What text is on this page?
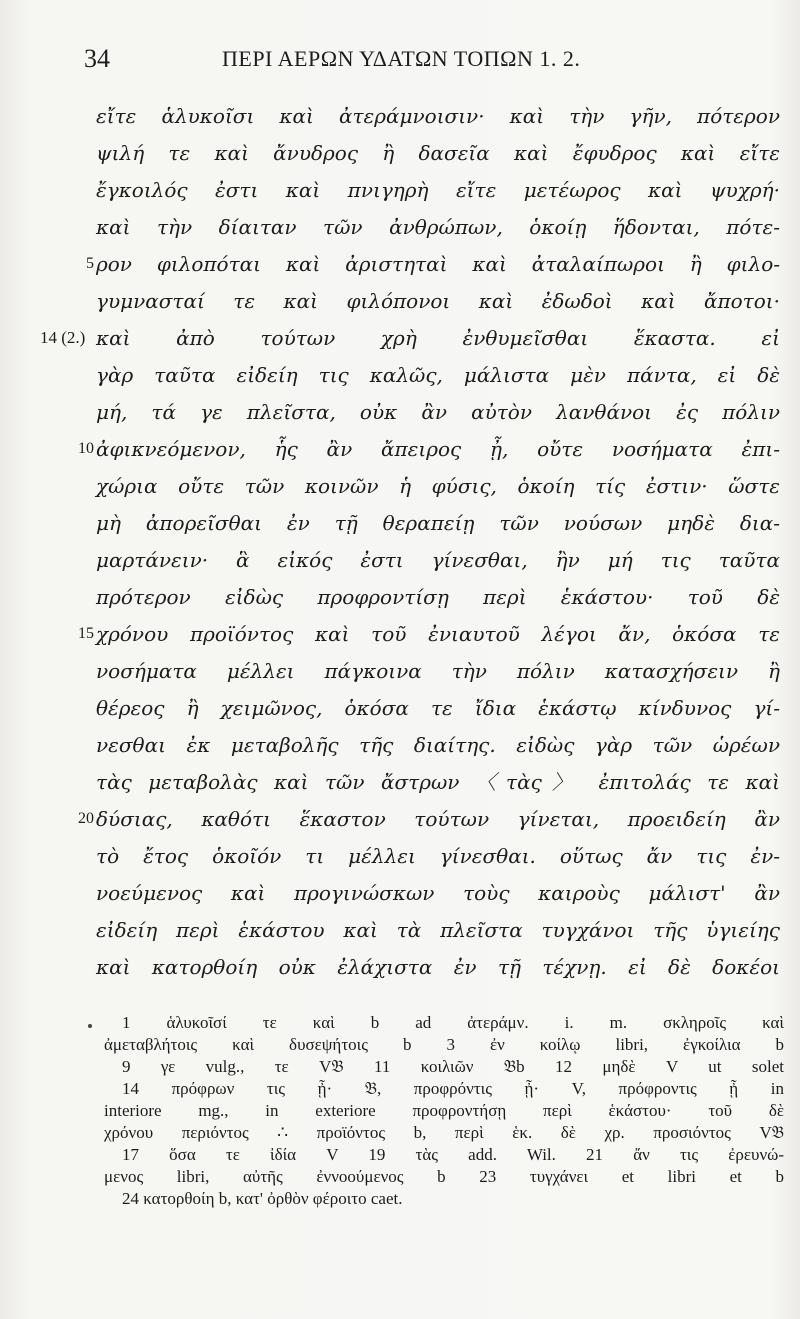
34	ΠΕΡΙ ΑΕΡΩΝ ΥΔΑΤΩΝ ΤΟΠΩΝ 1. 2.
εἴτε ἁλυκοῖσι καὶ ἀτεράμνοισιν· καὶ τὴν γῆν, πότερον
ψιλή τε καὶ ἄνυδρος ἢ δασεῖα καὶ ἔφυδρος καὶ εἴτε
ἔγκοιλός ἐστι καὶ πνιγηρὴ εἴτε μετέωρος καὶ ψυχρή·
καὶ τὴν δίαιταν τῶν ἀνθρώπων, ὁκοίῃ ἥδονται, πότε-
5 ρον φιλοπόται καὶ ἀριστηταὶ καὶ ἀταλαίπωροι ἢ φιλο-
γυμνασταί τε καὶ φιλόπονοι καὶ ἐδωδοὶ καὶ ἄποτοι·
14 (2.) καὶ ἀπὸ τούτων χρὴ ἐνθυμεῖσθαι ἕκαστα. εἰ
γὰρ ταῦτα εἰδείη τις καλῶς, μάλιστα μὲν πάντα, εἰ δὲ
μή, τά γε πλεῖστα, οὐκ ἂν αὐτὸν λανθάνοι ἐς πόλιν
10 ἀφικνεόμενον, ἧς ἂν ἄπειρος ᾖ, οὔτε νοσήματα ἐπι-
χώρια οὔτε τῶν κοινῶν ἡ φύσις, ὁκοίη τίς ἐστιν· ὥστε
μὴ ἀπορεῖσθαι ἐν τῇ θεραπείῃ τῶν νούσων μηδὲ δια-
μαρτάνειν· ἃ εἰκός ἐστι γίνεσθαι, ἢν μή τις ταῦτα
πρότερον εἰδὼς προφροντίσῃ περὶ ἑκάστου· τοῦ δὲ
15 χρόνου προϊόντος καὶ τοῦ ἐνιαυτοῦ λέγοι ἄν, ὁκόσα τε
νοσήματα μέλλει πάγκοινα τὴν πόλιν κατασχήσειν ἢ
θέρεος ἢ χειμῶνος, ὁκόσα τε ἴδια ἑκάστῳ κίνδυνος γί-
νεσθαι ἐκ μεταβολῆς τῆς διαίτης. εἰδὼς γὰρ τῶν ὡρέων
τὰς μεταβολὰς καὶ τῶν ἄστρων 〈τὰς〉 ἐπιτολάς τε καὶ
20 δύσιας, καθότι ἕκαστον τούτων γίνεται, προειδείη ἂν
τὸ ἔτος ὁκοῖόν τι μέλλει γίνεσθαι. οὕτως ἄν τις ἐν-
νοεύμενος καὶ προγινώσκων τοὺς καιροὺς μάλιστ' ἂν
εἰδείη περὶ ἑκάστου καὶ τὰ πλεῖστα τυγχάνοι τῆς ὑγιείης
καὶ κατορθοίη οὐκ ἐλάχιστα ἐν τῇ τέχνῃ. εἰ δὲ δοκέοι
1 ἁλυκοῖσί τε καὶ b ad ἀτεράμν. i. m. σκληροῖς καὶ
ἀμεταβλήτοις καὶ δυσεψήτοις b 3 ἐν κοίλῳ libri, ἐγκοίλια b
9 γε vulg., τε V𝔅 11 κοιλιῶν 𝔅b 12 μηδὲ V ut solet
14 πρόφρων τις ᾖ· 𝔅, προφρόντις ᾖ· V, πρόφροντις ᾖ in
interiore mg., in exteriore προφροντήσῃ περὶ ἑκάστου· τοῦ δὲ
χρόνου περιόντος ∴ προϊόντος b, περὶ ἑκ. δὲ χρ. προσιόντος V𝔅
17 ὅσα τε ἰδία V 19 τὰς add. Wil. 21 ἄν τις ἐρευνώ-
μενος libri, αὐτῆς ἐννοούμενος b 23 τυγχάνει et libri et b
24 κατορθοίη b, κατ' ὀρθὸν φέροιτο caet.
